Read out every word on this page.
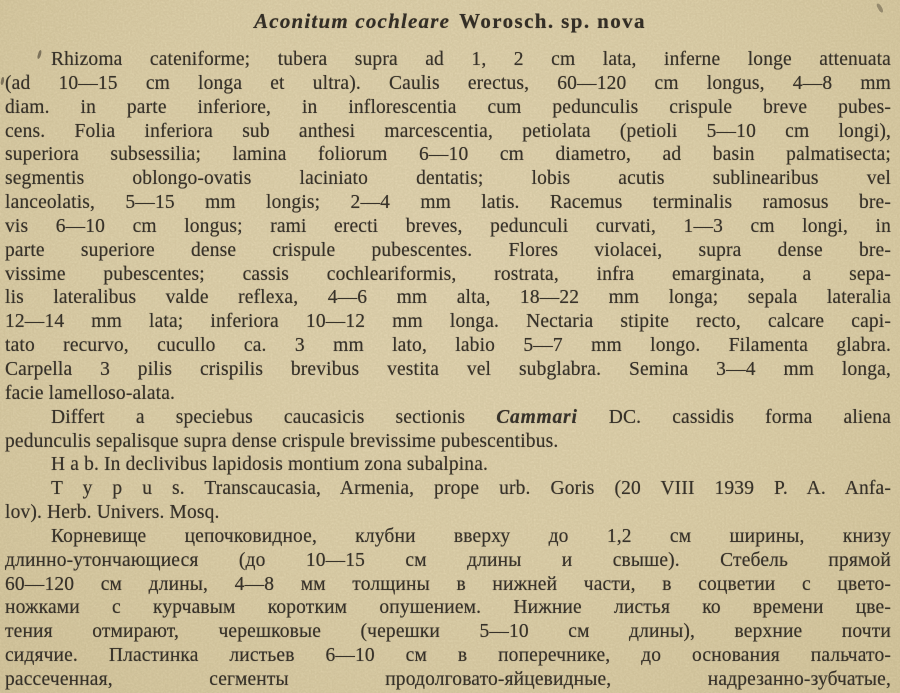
Aconitum cochleare Worosch. sp. nova
Rhizoma cateniforme; tubera supra ad 1, 2 cm lata, inferne longe attenuata
(ad 10—15 cm longa et ultra). Caulis erectus, 60—120 cm longus, 4—8 mm
diam. in parte inferiore, in inflorescentia cum pedunculis crispule breve pubes-
cens. Folia inferiora sub anthesi marcescentia, petiolata (petioli 5—10 cm longi),
superiora subsessilia; lamina foliorum 6—10 cm diametro, ad basin palmatisecta;
segmentis oblongo-ovatis laciniato dentatis; lobis acutis sublinearibus vel
lanceolatis, 5—15 mm longis; 2—4 mm latis. Racemus terminalis ramosus bre-
vis 6—10 cm longus; rami erecti breves, pedunculi curvati, 1—3 cm longi, in
parte superiore dense crispule pubescentes. Flores violacei, supra dense bre-
vissime pubescentes; cassis cochleariformis, rostrata, infra emarginata, a sepa-
lis lateralibus valde reflexa, 4—6 mm alta, 18—22 mm longa; sepala lateralia
12—14 mm lata; inferiora 10—12 mm longa. Nectaria stipite recto, calcare capi-
tato recurvo, cucullo ca. 3 mm lato, labio 5—7 mm longo. Filamenta glabra.
Carpella 3 pilis crispilis brevibus vestita vel subglabra. Semina 3—4 mm longa,
facie lamelloso-alata.
Differt a speciebus caucasicis sectionis Cammari DC. cassidis forma aliena
pedunculis sepalisque supra dense crispule brevissime pubescentibus.
H a b. In declivibus lapidosis montium zona subalpina.
T y p u s. Transcaucasia, Armenia, prope urb. Goris (20 VIII 1939 P. A. Anfa-
lov). Herb. Univers. Mosq.
Корневище цепочковидное, клубни вверху до 1,2 см ширины, книзу
длинно-утончающиеся (до 10—15 см длины и свыше). Стебель прямой
60—120 см длины, 4—8 мм толщины в нижней части, в соцветии с цвето-
ножками с курчавым коротким опушением. Нижние листья ко времени цве-
тения отмирают, черешковые (черешки 5—10 см длины), верхние почти
сидячие. Пластинка листьев 6—10 см в поперечнике, до основания пальчато-
рассеченная, сегменты продолговато-яйцевидные, надрезанно-зубчатые,
